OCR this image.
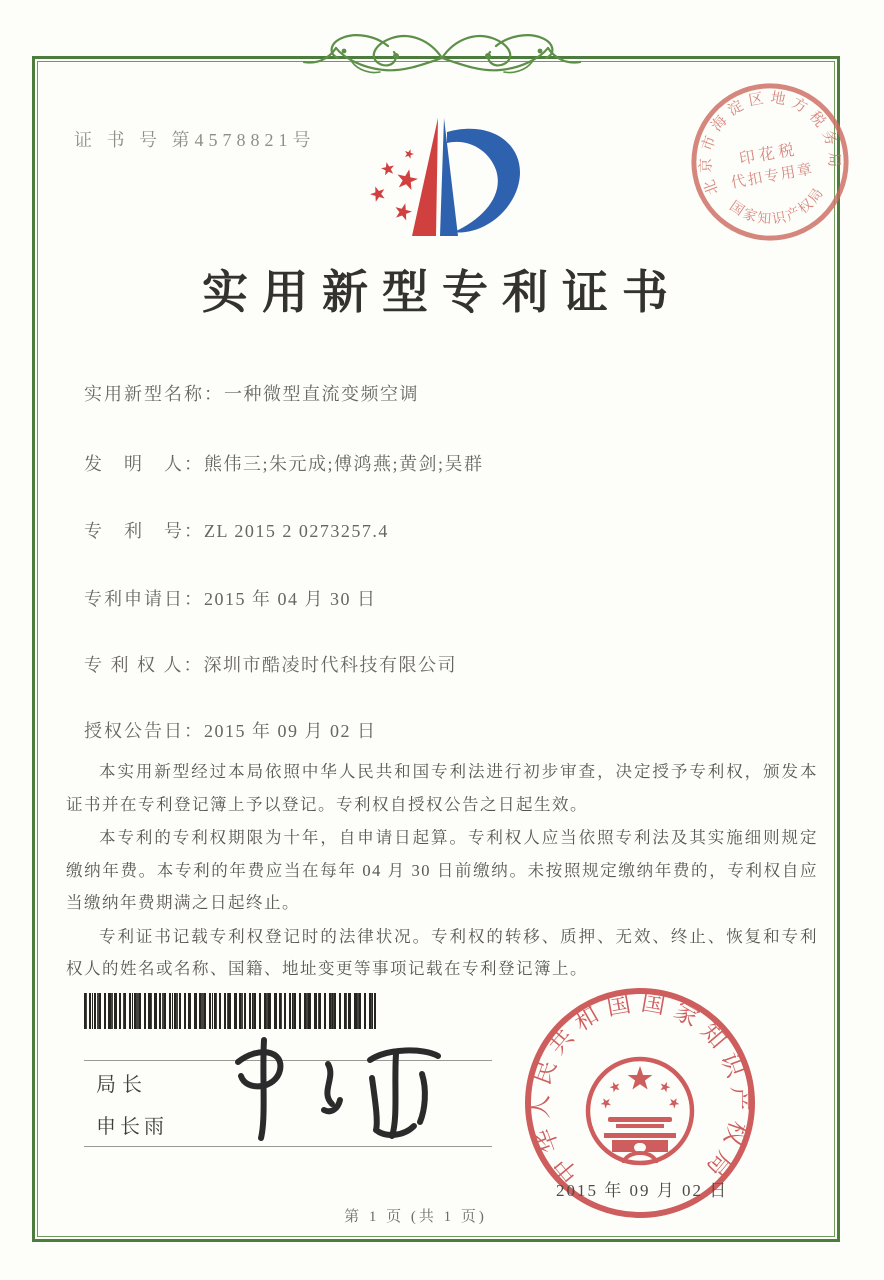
证 书 号 第4578821号
北京市海淀区地方税务局
国家知识产权局
印花税
代扣专用章
实用新型专利证书
实用新型名称：一种微型直流变频空调
发　明　人：熊伟三;朱元成;傅鸿燕;黄剑;吴群
专　利　号：ZL 2015 2 0273257.4
专利申请日：2015 年 04 月 30 日
专 利 权 人：深圳市酷凌时代科技有限公司
授权公告日：2015 年 09 月 02 日

本实用新型经过本局依照中华人民共和国专利法进行初步审查，决定授予专利权，颁发本证书并在专利登记簿上予以登记。专利权自授权公告之日起生效。

本专利的专利权期限为十年，自申请日起算。专利权人应当依照专利法及其实施细则规定缴纳年费。本专利的年费应当在每年 04 月 30 日前缴纳。未按照规定缴纳年费的，专利权自应当缴纳年费期满之日起终止。

专利证书记载专利权登记时的法律状况。专利权的转移、质押、无效、终止、恢复和专利权人的姓名或名称、国籍、地址变更等事项记载在专利登记簿上。

局长
申长雨
中华人民共和国国家知识产权局
2015 年 09 月 02 日
第 1 页 (共 1 页)
